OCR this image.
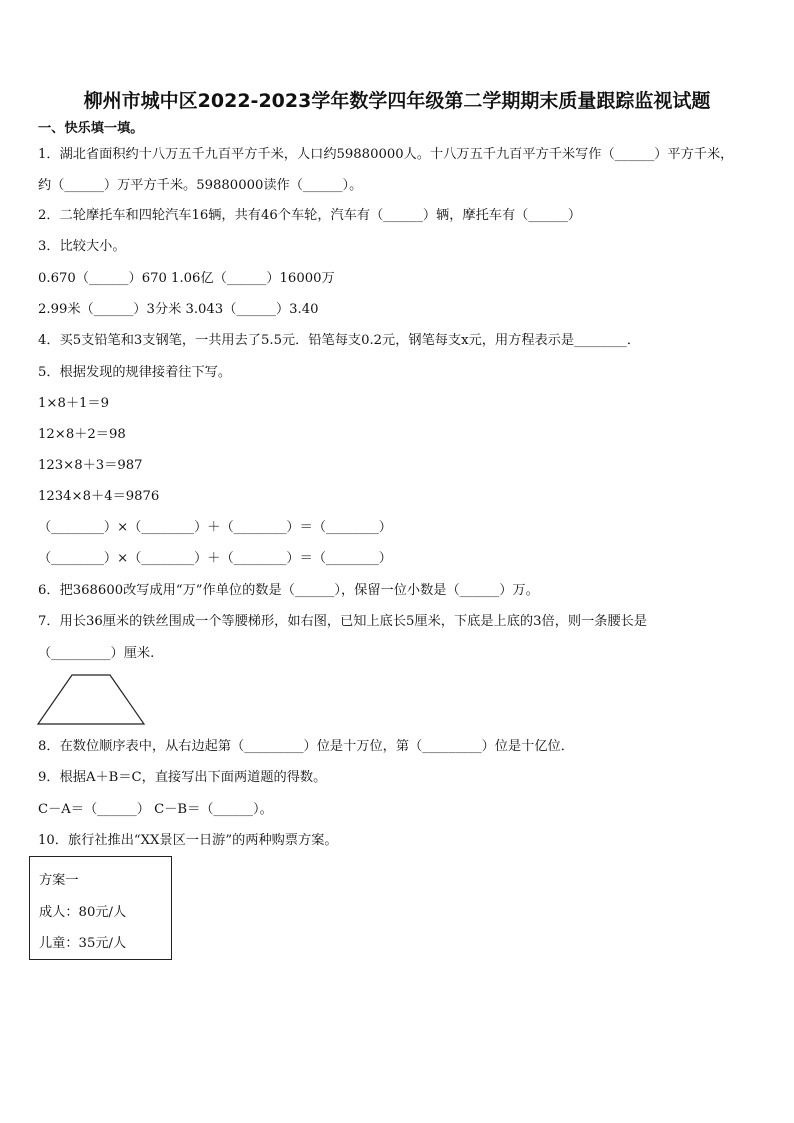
柳州市城中区2022-2023学年数学四年级第二学期期末质量跟踪监视试题
一、快乐填一填。
1．湖北省面积约十八万五千九百平方千米，人口约59880000人。十八万五千九百平方千米写作（______）平方千米，
约（______）万平方千米。59880000读作（______）。
2．二轮摩托车和四轮汽车16辆，共有46个车轮，汽车有（______）辆，摩托车有（______）
3．比较大小。
0.670（______）670 1.06亿（______）16000万
2.99米（______）3分米 3.043（______）3.40
4．买5支铅笔和3支钢笔，一共用去了5.5元．铅笔每支0.2元，钢笔每支x元，用方程表示是________．
5．根据发现的规律接着往下写。
1×8＋1＝9
12×8＋2＝98
123×8＋3＝987
1234×8＋4＝9876
（________）×（________）＋（________）＝（________）
（________）×（________）＋（________）＝（________）
6．把368600改写成用“万”作单位的数是（______），保留一位小数是（______）万。
7．用长36厘米的铁丝围成一个等腰梯形，如右图，已知上底长5厘米，下底是上底的3倍，则一条腰长是
（_________）厘米.
8．在数位顺序表中，从右边起第（_________）位是十万位，第（_________）位是十亿位．
9．根据A＋B＝C，直接写出下面两道题的得数。
C－A＝（______） C－B＝（______）。
10．旅行社推出“XX景区一日游”的两种购票方案。
方案一
成人：80元/人
儿童：35元/人
